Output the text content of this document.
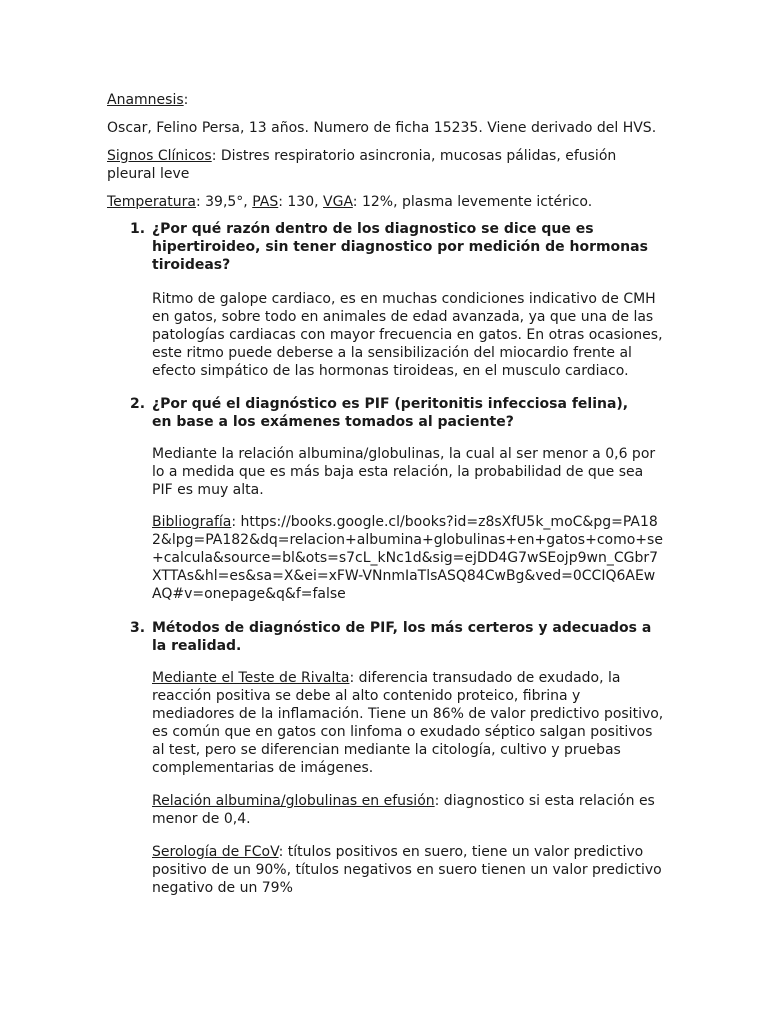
Anamnesis:

Oscar, Felino Persa, 13 años. Numero de ficha 15235. Viene derivado del HVS.

Signos Clínicos: Distres respiratorio asincronia, mucosas pálidas, efusión pleural leve

Temperatura: 39,5°, PAS: 130, VGA: 12%, plasma levemente ictérico.

1. ¿Por qué razón dentro de los diagnostico se dice que es hipertiroideo, sin tener diagnostico por medición de hormonas tiroideas?

Ritmo de galope cardiaco, es en muchas condiciones indicativo de CMH en gatos, sobre todo en animales de edad avanzada, ya que una de las patologías cardiacas con mayor frecuencia en gatos. En otras ocasiones, este ritmo puede deberse a la sensibilización del miocardio frente al efecto simpático de las hormonas tiroideas, en el musculo cardiaco.

2. ¿Por qué el diagnóstico es PIF (peritonitis infecciosa felina), en base a los exámenes tomados al paciente?

Mediante la relación albumina/globulinas, la cual al ser menor a 0,6 por lo a medida que es más baja esta relación, la probabilidad de que sea PIF es muy alta.

Bibliografía: https://books.google.cl/books?id=z8sXfU5k_moC&pg=PA182&lpg=PA182&dq=relacion+albumina+globulinas+en+gatos+como+se+calcula&source=bl&ots=s7cL_kNc1d&sig=ejDD4G7wSEojp9wn_CGbr7XTTAs&hl=es&sa=X&ei=xFW-VNnmIaTlsASQ84CwBg&ved=0CCIQ6AEwAQ#v=onepage&q&f=false

3. Métodos de diagnóstico de PIF, los más certeros y adecuados a la realidad.

Mediante el Teste de Rivalta: diferencia transudado de exudado, la reacción positiva se debe al alto contenido proteico, fibrina y mediadores de la inflamación. Tiene un 86% de valor predictivo positivo, es común que en gatos con linfoma o exudado séptico salgan positivos al test, pero se diferencian mediante la citología, cultivo y pruebas complementarias de imágenes.

Relación albumina/globulinas en efusión: diagnostico si esta relación es menor de 0,4.

Serología de FCoV: títulos positivos en suero, tiene un valor predictivo positivo de un 90%, títulos negativos en suero tienen un valor predictivo negativo de un 79%
